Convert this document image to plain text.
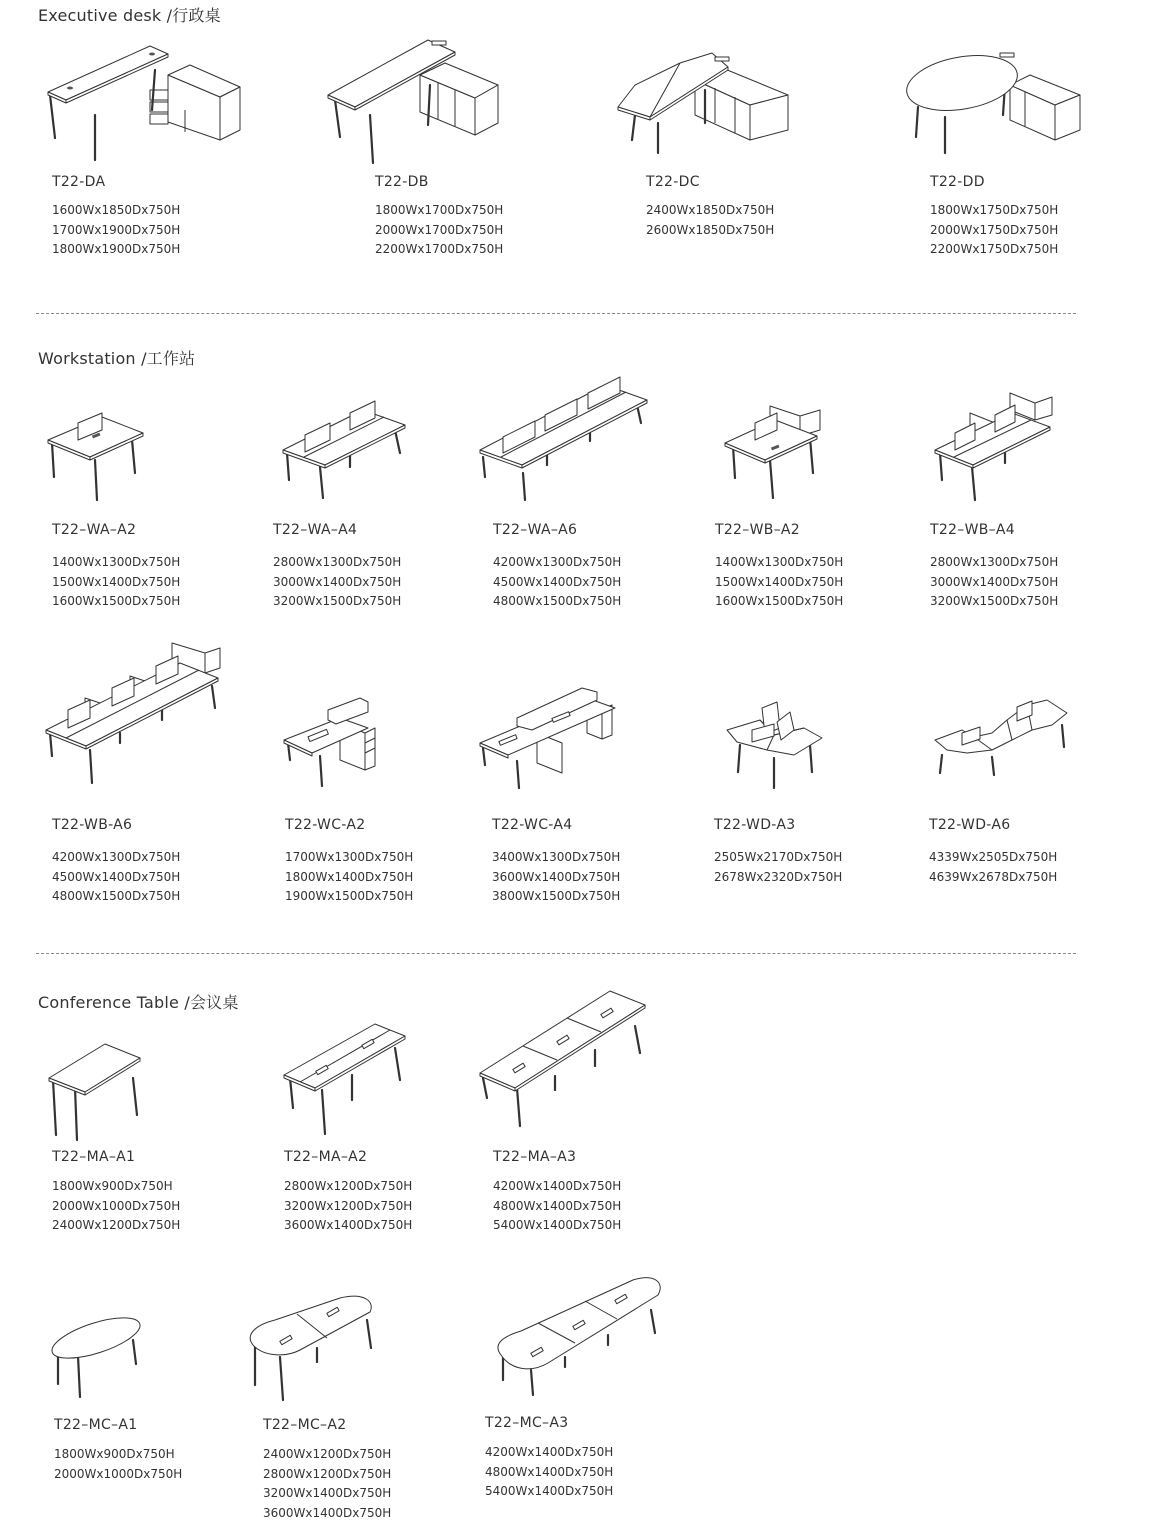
Executive desk /行政桌
T22-DA
1600Wx1850Dx750H
1700Wx1900Dx750H
1800Wx1900Dx750H
T22-DB
1800Wx1700Dx750H
2000Wx1700Dx750H
2200Wx1700Dx750H
T22-DC
2400Wx1850Dx750H
2600Wx1850Dx750H
T22-DD
1800Wx1750Dx750H
2000Wx1750Dx750H
2200Wx1750Dx750H
Workstation /工作站
T22–WA–A2
1400Wx1300Dx750H
1500Wx1400Dx750H
1600Wx1500Dx750H
T22–WA–A4
2800Wx1300Dx750H
3000Wx1400Dx750H
3200Wx1500Dx750H
T22–WA–A6
4200Wx1300Dx750H
4500Wx1400Dx750H
4800Wx1500Dx750H
T22–WB–A2
1400Wx1300Dx750H
1500Wx1400Dx750H
1600Wx1500Dx750H
T22–WB–A4
2800Wx1300Dx750H
3000Wx1400Dx750H
3200Wx1500Dx750H
T22-WB-A6
4200Wx1300Dx750H
4500Wx1400Dx750H
4800Wx1500Dx750H
T22-WC-A2
1700Wx1300Dx750H
1800Wx1400Dx750H
1900Wx1500Dx750H
T22-WC-A4
3400Wx1300Dx750H
3600Wx1400Dx750H
3800Wx1500Dx750H
T22-WD-A3
2505Wx2170Dx750H
2678Wx2320Dx750H
T22-WD-A6
4339Wx2505Dx750H
4639Wx2678Dx750H
Conference Table /会议桌
T22–MA–A1
1800Wx900Dx750H
2000Wx1000Dx750H
2400Wx1200Dx750H
T22–MA–A2
2800Wx1200Dx750H
3200Wx1200Dx750H
3600Wx1400Dx750H
T22–MA–A3
4200Wx1400Dx750H
4800Wx1400Dx750H
5400Wx1400Dx750H
T22–MC–A1
1800Wx900Dx750H
2000Wx1000Dx750H
T22–MC–A2
2400Wx1200Dx750H
2800Wx1200Dx750H
3200Wx1400Dx750H
3600Wx1400Dx750H
T22–MC–A3
4200Wx1400Dx750H
4800Wx1400Dx750H
5400Wx1400Dx750H
